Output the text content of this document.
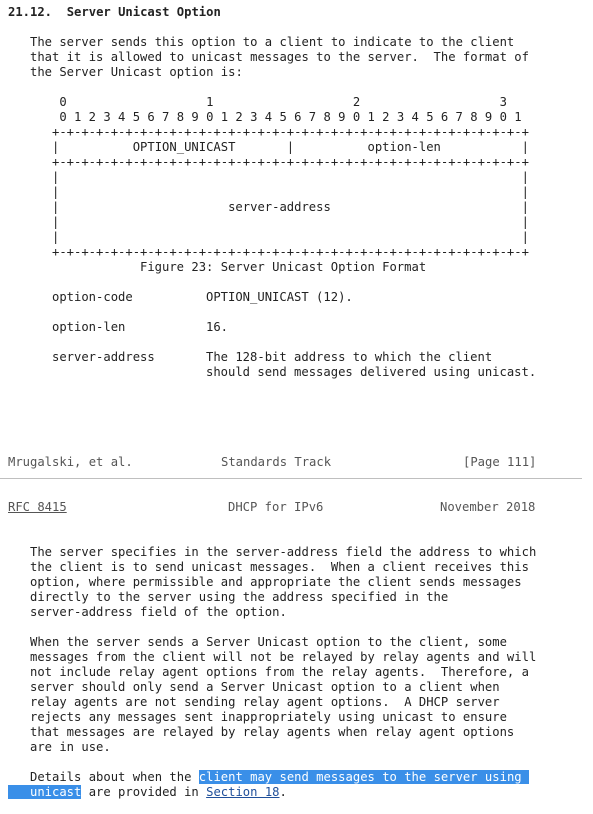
21.12. Server Unicast Option
The server sends this option to a client to indicate to the client
that it is allowed to unicast messages to the server.  The format of
the Server Unicast option is:
0                   1                   2                   3
0 1 2 3 4 5 6 7 8 9 0 1 2 3 4 5 6 7 8 9 0 1 2 3 4 5 6 7 8 9 0 1
+-+-+-+-+-+-+-+-+-+-+-+-+-+-+-+-+-+-+-+-+-+-+-+-+-+-+-+-+-+-+-+-+
|          OPTION_UNICAST       |          option-len           |
+-+-+-+-+-+-+-+-+-+-+-+-+-+-+-+-+-+-+-+-+-+-+-+-+-+-+-+-+-+-+-+-+
|                                                               |
|                                                               |
|                       server-address                          |
|                                                               |
|                                                               |
+-+-+-+-+-+-+-+-+-+-+-+-+-+-+-+-+-+-+-+-+-+-+-+-+-+-+-+-+-+-+-+-+
Figure 23: Server Unicast Option Format
option-code	OPTION_UNICAST (12).
option-len	16.
server-address	The 128-bit address to which the client
should send messages delivered using unicast.
Mrugalski, et al.	Standards Track	[Page 111]
RFC 8415	DHCP for IPv6	November 2018
The server specifies in the server-address field the address to which
the client is to send unicast messages.  When a client receives this
option, where permissible and appropriate the client sends messages
directly to the server using the address specified in the
server-address field of the option.
When the server sends a Server Unicast option to the client, some
messages from the client will not be relayed by relay agents and will
not include relay agent options from the relay agents.  Therefore, a
server should only send a Server Unicast option to a client when
relay agents are not sending relay agent options.  A DHCP server
rejects any messages sent inappropriately using unicast to ensure
that messages are relayed by relay agents when relay agent options
are in use.
Details about when the client may send messages to the server using
unicast are provided in Section 18.
